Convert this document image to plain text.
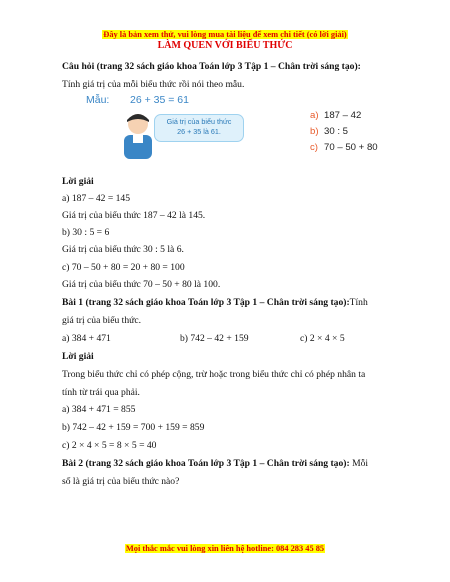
Đây là bản xem thử, vui lòng mua tài liệu để xem chi tiết (có lời giải)
LÀM QUEN VỚI BIỂU THỨC
Câu hỏi (trang 32 sách giáo khoa Toán lớp 3 Tập 1 – Chân trời sáng tạo):
Tính giá trị của mỗi biểu thức rồi nói theo mẫu.
Mẫu: 26 + 35 = 61
Giá trị của biểu thức
26 + 35 là 61.
a) 187 – 42
b) 30 : 5
c) 70 – 50 + 80
Lời giải
a) 187 – 42 = 145
Giá trị của biểu thức 187 – 42 là 145.
b) 30 : 5 = 6
Giá trị của biểu thức 30 : 5 là 6.
c) 70 – 50 + 80 = 20 + 80 = 100
Giá trị của biểu thức 70 – 50 + 80 là 100.
Bài 1 (trang 32 sách giáo khoa Toán lớp 3 Tập 1 – Chân trời sáng tạo):Tính
giá trị của biểu thức.
a) 384 + 471	b) 742 – 42 + 159	c) 2 × 4 × 5
Lời giải
Trong biểu thức chỉ có phép cộng, trừ hoặc trong biểu thức chỉ có phép nhân ta
tính từ trái qua phải.
a) 384 + 471 = 855
b) 742 – 42 + 159 = 700 + 159 = 859
c) 2 × 4 × 5 = 8 × 5 = 40
Bài 2 (trang 32 sách giáo khoa Toán lớp 3 Tập 1 – Chân trời sáng tạo): Mỗi
số là giá trị của biểu thức nào?
Mọi thắc mắc vui lòng xin liên hệ hotline: 084 283 45 85
